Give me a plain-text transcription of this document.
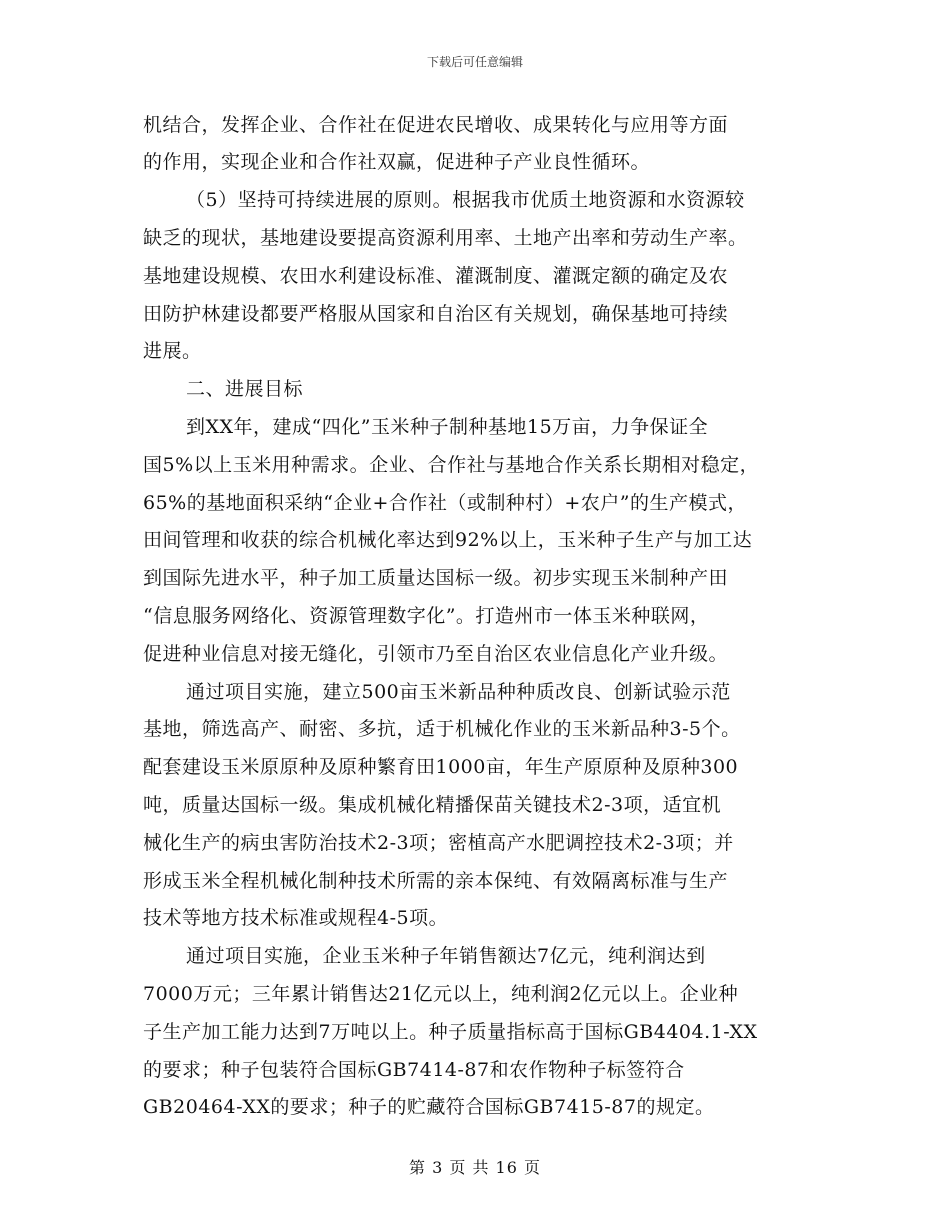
下载后可任意编辑
机结合，发挥企业、合作社在促进农民增收、成果转化与应用等方面
的作用，实现企业和合作社双赢，促进种子产业良性循环。
（5）坚持可持续进展的原则。根据我市优质土地资源和水资源较
缺乏的现状，基地建设要提高资源利用率、土地产出率和劳动生产率。
基地建设规模、农田水利建设标准、灌溉制度、灌溉定额的确定及农
田防护林建设都要严格服从国家和自治区有关规划，确保基地可持续
进展。
二、进展目标
到XX年，建成“四化”玉米种子制种基地15万亩，力争保证全
国5%以上玉米用种需求。企业、合作社与基地合作关系长期相对稳定，
65%的基地面积采纳“企业+合作社（或制种村）+农户”的生产模式，
田间管理和收获的综合机械化率达到92%以上，玉米种子生产与加工达
到国际先进水平，种子加工质量达国标一级。初步实现玉米制种产田
“信息服务网络化、资源管理数字化”。打造州市一体玉米种联网，
促进种业信息对接无缝化，引领市乃至自治区农业信息化产业升级。
通过项目实施，建立500亩玉米新品种种质改良、创新试验示范
基地，筛选高产、耐密、多抗，适于机械化作业的玉米新品种3-5个。
配套建设玉米原原种及原种繁育田1000亩，年生产原原种及原种300
吨，质量达国标一级。集成机械化精播保苗关键技术2-3项，适宜机
械化生产的病虫害防治技术2-3项；密植高产水肥调控技术2-3项；并
形成玉米全程机械化制种技术所需的亲本保纯、有效隔离标准与生产
技术等地方技术标准或规程4-5项。
通过项目实施，企业玉米种子年销售额达7亿元，纯利润达到
7000万元；三年累计销售达21亿元以上，纯利润2亿元以上。企业种
子生产加工能力达到7万吨以上。种子质量指标高于国标GB4404.1-XX
的要求；种子包装符合国标GB7414-87和农作物种子标签符合
GB20464-XX的要求；种子的贮藏符合国标GB7415-87的规定。
第 3 页 共 16 页
